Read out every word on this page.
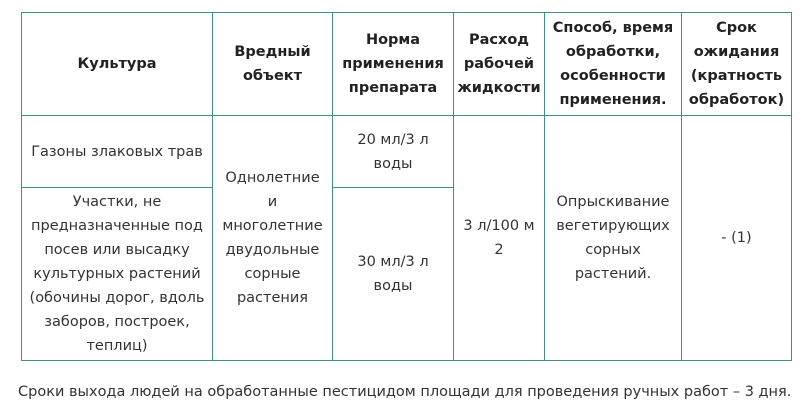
Культура	Вредный объект	Норма применения препарата	Расход рабочей жидкости	Способ, время обработки, особенности применения.	Срок ожидания (кратность обработок)
Газоны злаковых трав	Однолетние и многолетние двудольные сорные растения	20 мл/3 л воды	3 л/100 м 2	Опрыскивание вегетирующих сорных растений.	- (1)
Участки, не предназначенные под посев или высадку культурных растений (обочины дорог, вдоль заборов, построек, теплиц)		30 мл/3 л воды			
Сроки выхода людей на обработанные пестицидом площади для проведения ручных работ – 3 дня.
